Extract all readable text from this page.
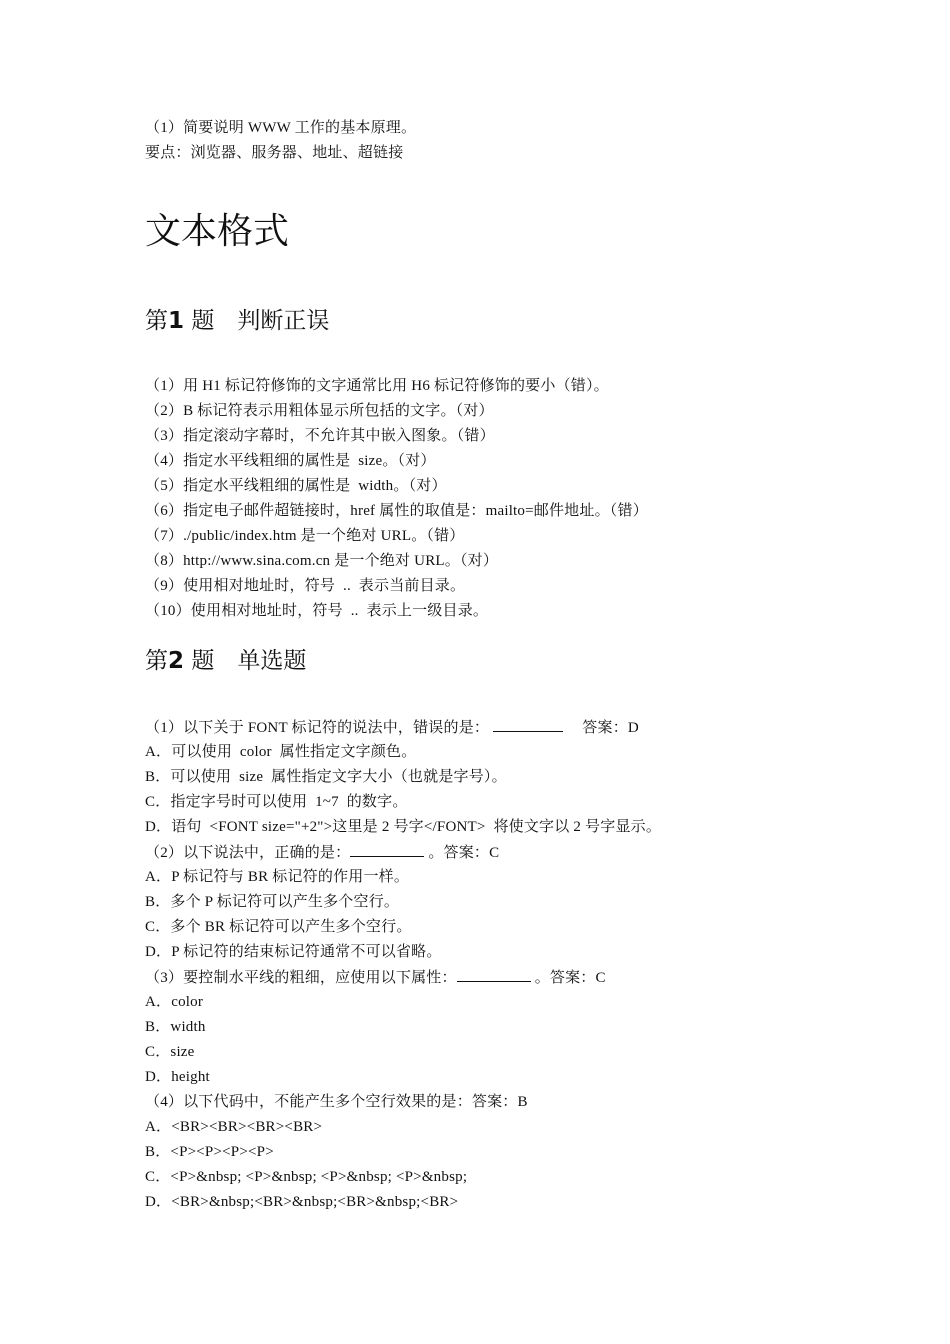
（1）简要说明 WWW 工作的基本原理。
要点：浏览器、服务器、地址、超链接
文本格式
第1 题　判断正误
（1）用 H1 标记符修饰的文字通常比用 H6 标记符修饰的要小（错）。
（2）B 标记符表示用粗体显示所包括的文字。（对）
（3）指定滚动字幕时，不允许其中嵌入图象。（错）
（4）指定水平线粗细的属性是  size。（对）
（5）指定水平线粗细的属性是  width。（对）
（6）指定电子邮件超链接时，href 属性的取值是：mailto=邮件地址。（错）
（7）./public/index.htm 是一个绝对 URL。（错）
（8）http://www.sina.com.cn 是一个绝对 URL。（对）
（9）使用相对地址时，符号  ..  表示当前目录。
（10）使用相对地址时，符号  ..  表示上一级目录。
第2 题　单选题
（1）以下关于 FONT 标记符的说法中，错误的是：	　答案：D
A．可以使用  color  属性指定文字颜色。
B．可以使用  size  属性指定文字大小（也就是字号）。
C．指定字号时可以使用  1~7  的数字。
D．语句  <FONT size="+2">这里是 2 号字</FONT>  将使文字以 2 号字显示。
（2）以下说法中，正确的是：	。答案：C
A．P 标记符与 BR 标记符的作用一样。
B．多个 P 标记符可以产生多个空行。
C．多个 BR 标记符可以产生多个空行。
D．P 标记符的结束标记符通常不可以省略。
（3）要控制水平线的粗细，应使用以下属性：	。答案：C
A．color
B．width
C．size
D．height
（4）以下代码中，不能产生多个空行效果的是：答案：B
A．<BR><BR><BR><BR>
B．<P><P><P><P>
C．<P>&nbsp; <P>&nbsp; <P>&nbsp; <P>&nbsp;
D．<BR>&nbsp;<BR>&nbsp;<BR>&nbsp;<BR>
